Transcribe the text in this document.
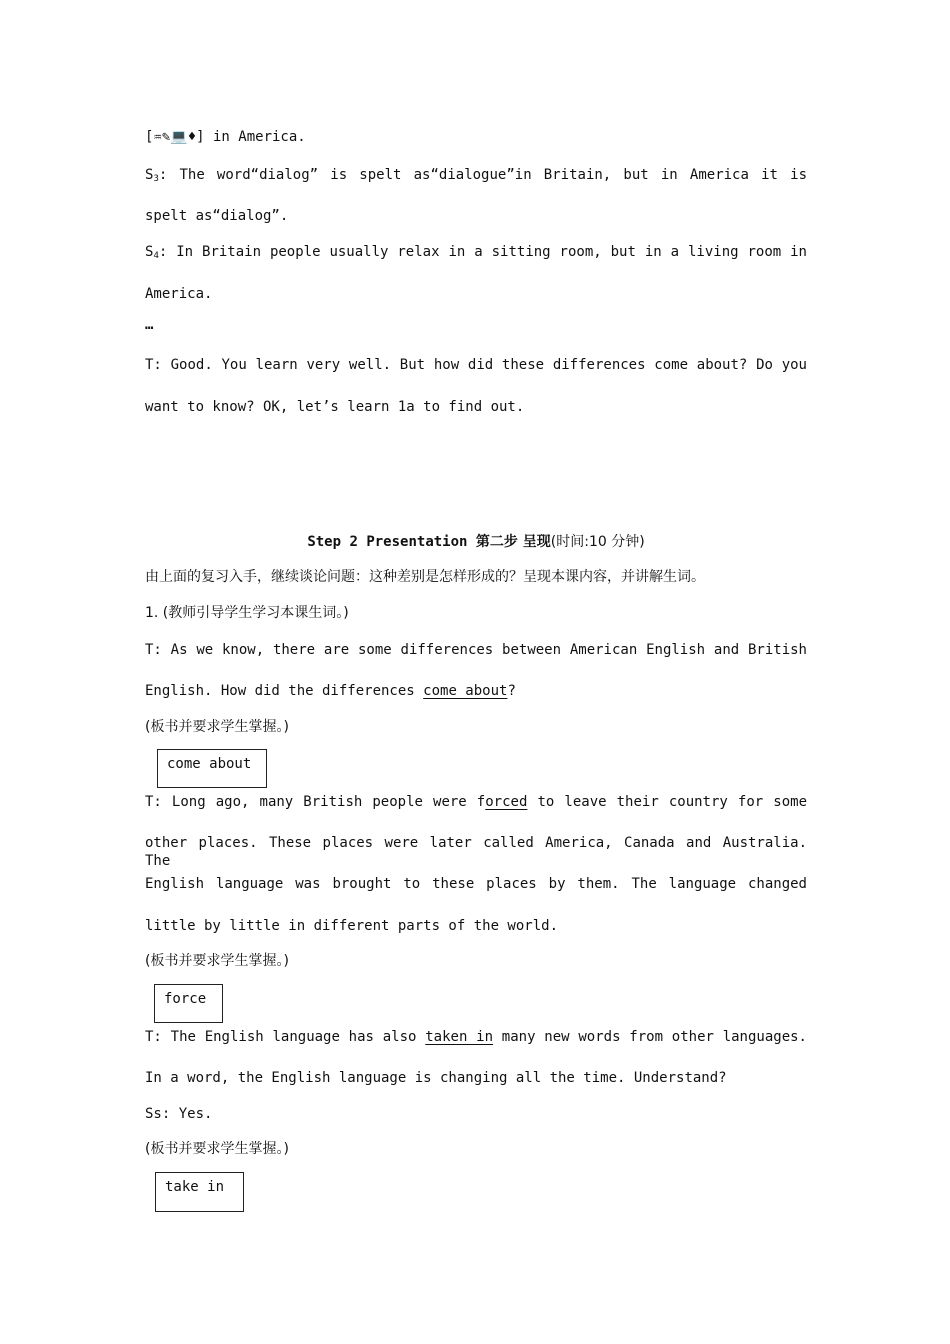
[♒✎💻♦] in America.
$S_3$: The word“dialog” is spelt as“dialogue”in Britain, but in America it is
spelt as“dialog”.
$S_4$: In Britain people usually relax in a sitting room, but in a living room in
America.
…
T: Good. You learn very well. But how did these differences come about? Do you
want to know? OK, let’s learn 1a to find out.
Step 2 Presentation 第二步 呈现(时间:10 分钟)
由上面的复习入手，继续谈论问题：这种差别是怎样形成的？呈现本课内容，并讲解生词。
1. (教师引导学生学习本课生词。)
T: As we know, there are some differences between American English and British
English. How did the differences come about?
(板书并要求学生掌握。)
come about
T: Long ago, many British people were forced to leave their country for some
other places. These places were later called America, Canada and Australia. The
English language was brought to these places by them. The language changed
little by little in different parts of the world.
(板书并要求学生掌握。)
force
T: The English language has also taken in many new words from other languages.
In a word, the English language is changing all the time. Understand?
Ss: Yes.
(板书并要求学生掌握。)
take in
